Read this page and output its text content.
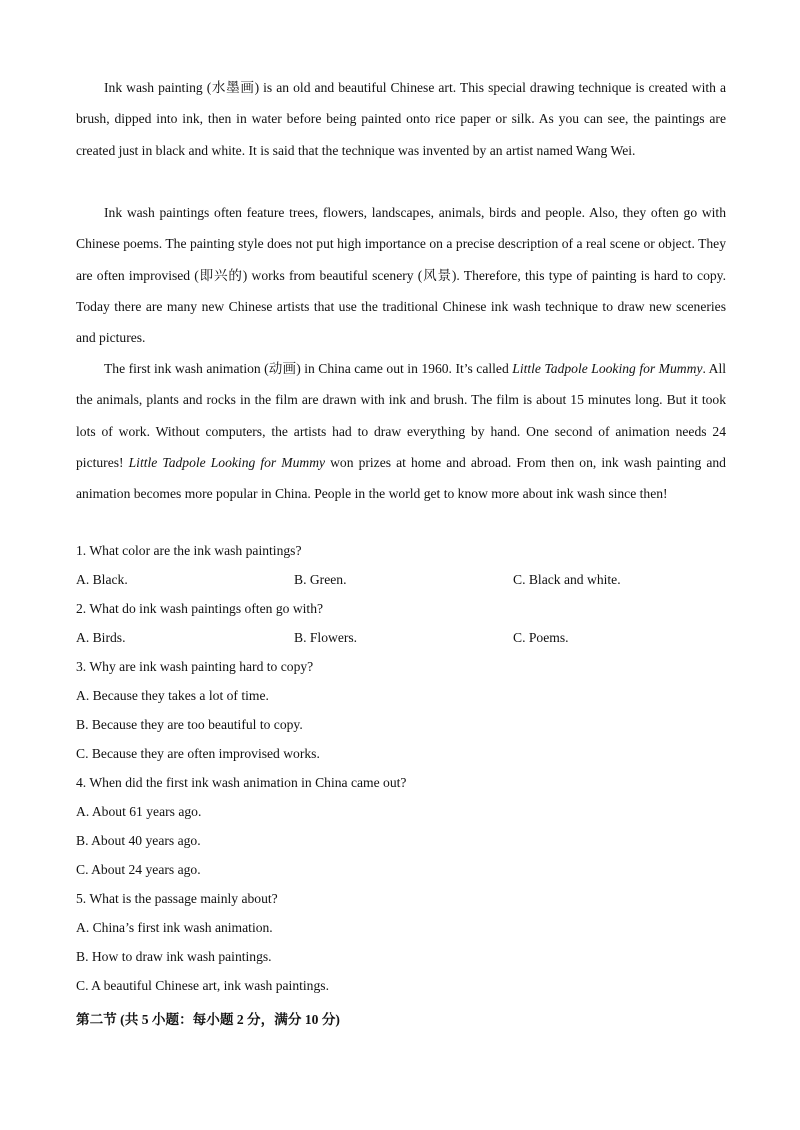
Ink wash painting (水墨画) is an old and beautiful Chinese art. This special drawing technique is created with a brush, dipped into ink, then in water before being painted onto rice paper or silk. As you can see, the paintings are created just in black and white. It is said that the technique was invented by an artist named Wang Wei.

Ink wash paintings often feature trees, flowers, landscapes, animals, birds and people. Also, they often go with Chinese poems. The painting style does not put high importance on a precise description of a real scene or object. They are often improvised (即兴的) works from beautiful scenery (风景). Therefore, this type of painting is hard to copy. Today there are many new Chinese artists that use the traditional Chinese ink wash technique to draw new sceneries and pictures.

The first ink wash animation (动画) in China came out in 1960. It’s called Little Tadpole Looking for Mummy. All the animals, plants and rocks in the film are drawn with ink and brush. The film is about 15 minutes long. But it took lots of work. Without computers, the artists had to draw everything by hand. One second of animation needs 24 pictures! Little Tadpole Looking for Mummy won prizes at home and abroad. From then on, ink wash painting and animation becomes more popular in China. People in the world get to know more about ink wash since then!

1. What color are the ink wash paintings?

A. Black.	B. Green.	C. Black and white.

2. What do ink wash paintings often go with?

A. Birds.	B. Flowers.	C. Poems.

3. Why are ink wash painting hard to copy?

A. Because they takes a lot of time.

B. Because they are too beautiful to copy.

C. Because they are often improvised works.

4. When did the first ink wash animation in China came out?

A. About 61 years ago.

B. About 40 years ago.

C. About 24 years ago.

5. What is the passage mainly about?

A. China’s first ink wash animation.

B. How to draw ink wash paintings.

C. A beautiful Chinese art, ink wash paintings.

第二节 (共 5 小题：每小题 2 分，满分 10 分)
